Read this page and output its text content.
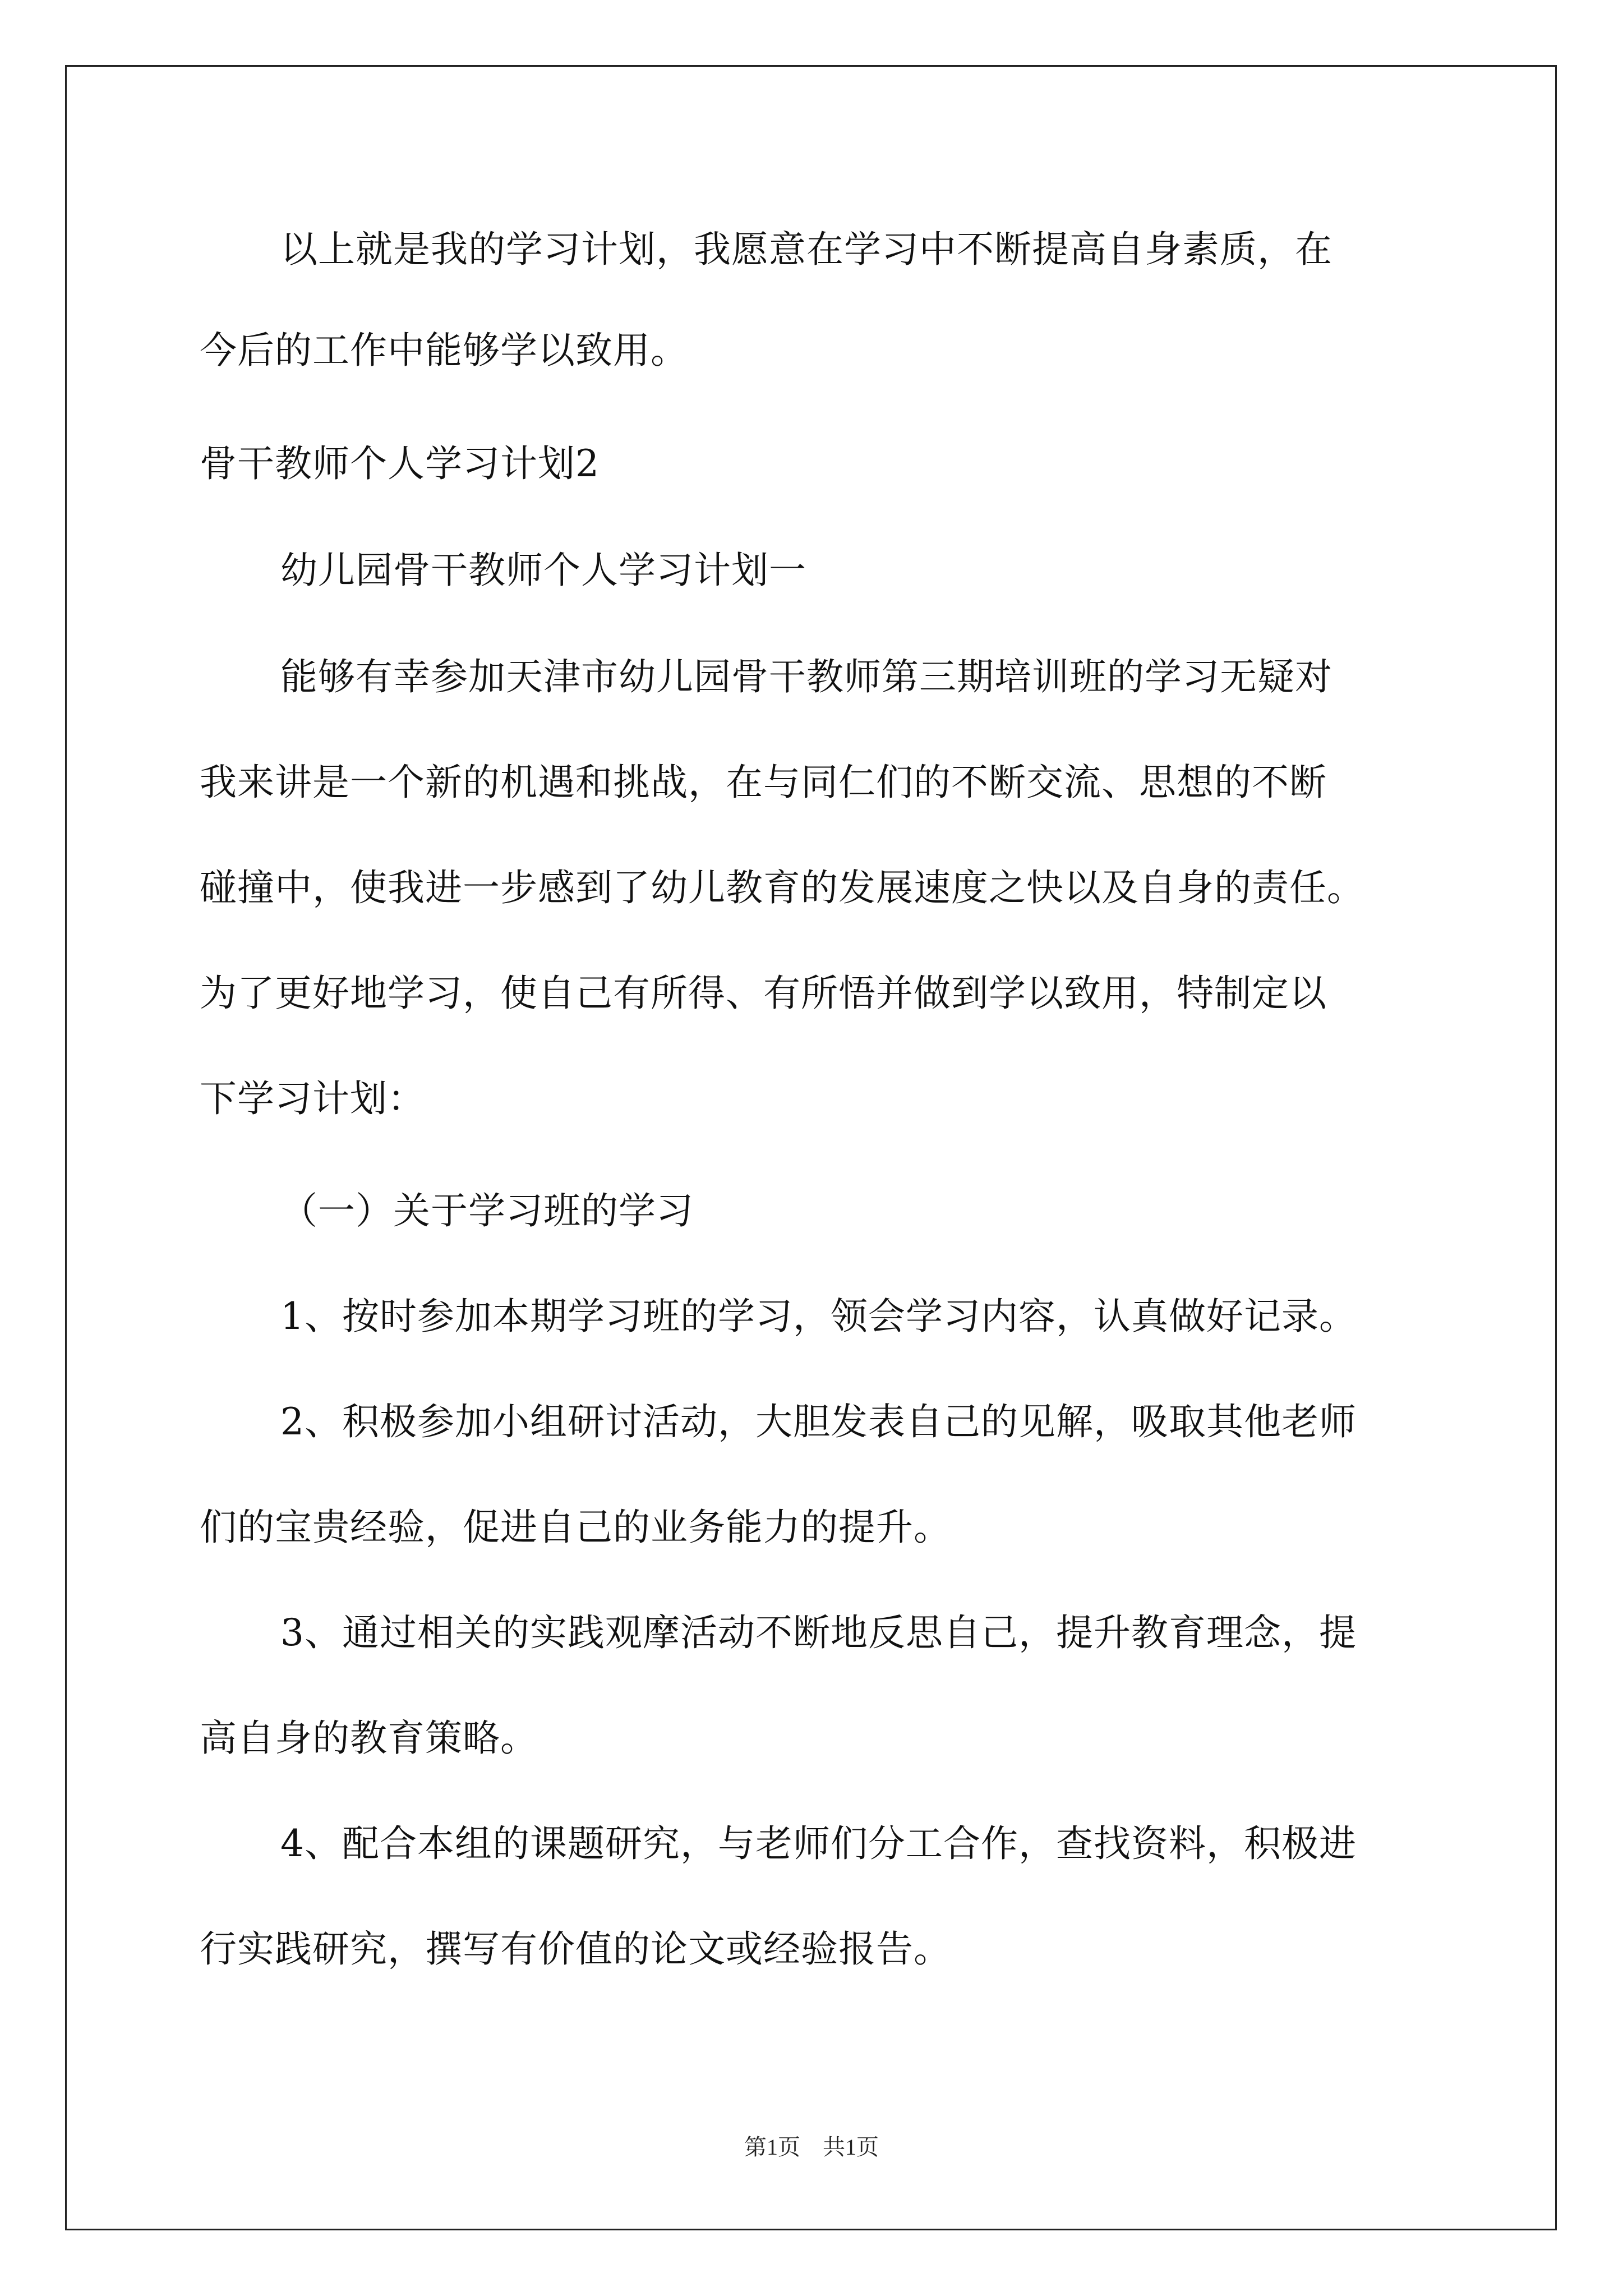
以上就是我的学习计划，我愿意在学习中不断提高自身素质，在
今后的工作中能够学以致用。
骨干教师个人学习计划2
幼儿园骨干教师个人学习计划一
能够有幸参加天津市幼儿园骨干教师第三期培训班的学习无疑对
我来讲是一个新的机遇和挑战，在与同仁们的不断交流、思想的不断
碰撞中，使我进一步感到了幼儿教育的发展速度之快以及自身的责任。
为了更好地学习，使自己有所得、有所悟并做到学以致用，特制定以
下学习计划：
（一）关于学习班的学习
1、按时参加本期学习班的学习，领会学习内容，认真做好记录。
2、积极参加小组研讨活动，大胆发表自己的见解，吸取其他老师
们的宝贵经验，促进自己的业务能力的提升。
3、通过相关的实践观摩活动不断地反思自己，提升教育理念，提
高自身的教育策略。
4、配合本组的课题研究，与老师们分工合作，查找资料，积极进
行实践研究，撰写有价值的论文或经验报告。
第1页　共1页
